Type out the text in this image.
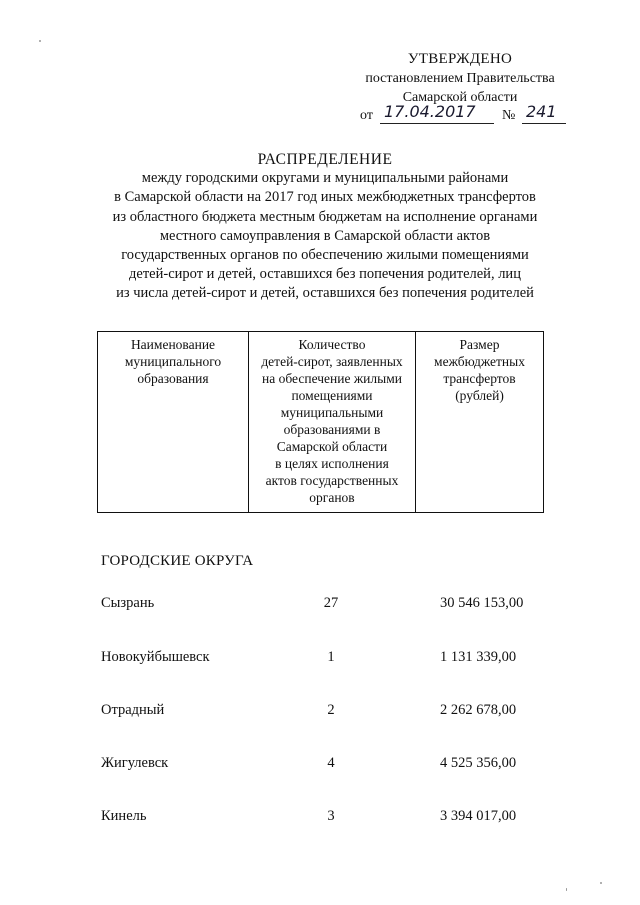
УТВЕРЖДЕНО
постановлением Правительства
Самарской области
от 17.04.2017 № 241
РАСПРЕДЕЛЕНИЕ
между городскими округами и муниципальными районами
в Самарской области на 2017 год иных межбюджетных трансфертов
из областного бюджета местным бюджетам на исполнение органами
местного самоуправления в Самарской области актов
государственных органов по обеспечению жилыми помещениями
детей-сирот и детей, оставшихся без попечения родителей, лиц
из числа детей-сирот и детей, оставшихся без попечения родителей
Наименование
муниципального
образования

Количество
детей-сирот, заявленных
на обеспечение жилыми
помещениями
муниципальными
образованиями в
Самарской области
в целях исполнения
актов государственных
органов

Размер
межбюджетных
трансфертов
(рублей)
ГОРОДСКИЕ ОКРУГА
Сызрань	27	30 546 153,00
Новокуйбышевск	1	1 131 339,00
Отрадный	2	2 262 678,00
Жигулевск	4	4 525 356,00
Кинель	3	3 394 017,00
